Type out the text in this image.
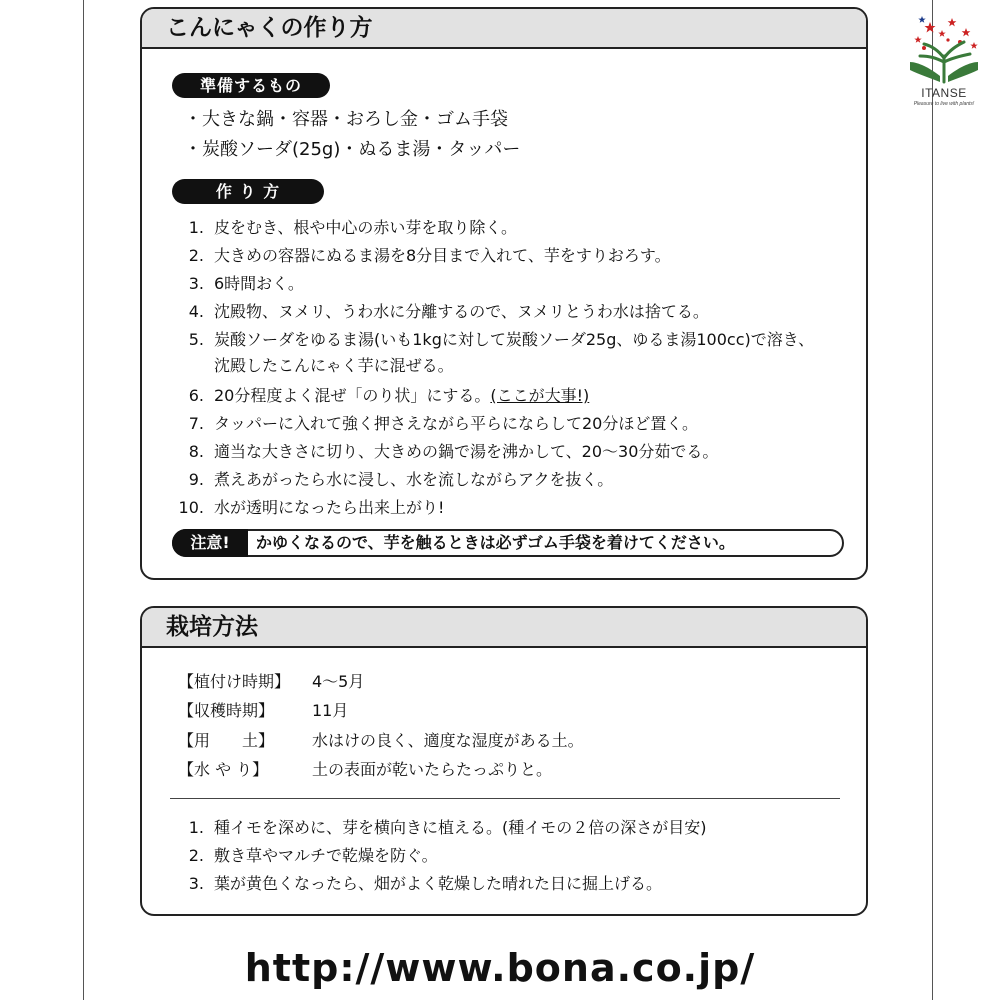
ITANSE
Pleasure to live with plants!
こんにゃくの作り方
準備するもの
・大きな鍋・容器・おろし金・ゴム手袋
・炭酸ソーダ(25g)・ぬるま湯・タッパー
作 り 方
1. 皮をむき、根や中心の赤い芽を取り除く。
2. 大きめの容器にぬるま湯を8分目まで入れて、芋をすりおろす。
3. 6時間おく。
4. 沈殿物、ヌメリ、うわ水に分離するので、ヌメリとうわ水は捨てる。
5. 炭酸ソーダをゆるま湯(いも1kgに対して炭酸ソーダ25g、ゆるま湯100cc)で溶き、
沈殿したこんにゃく芋に混ぜる。
6. 20分程度よく混ぜ「のり状」にする。(ここが大事!)
7. タッパーに入れて強く押さえながら平らにならして20分ほど置く。
8. 適当な大きさに切り、大きめの鍋で湯を沸かして、20〜30分茹でる。
9. 煮えあがったら水に浸し、水を流しながらアクを抜く。
10. 水が透明になったら出来上がり!
注意!	かゆくなるので、芋を触るときは必ずゴム手袋を着けてください。
栽培方法
【植付け時期】 4〜5月
【収穫時期】 11月
【用　　土】 水はけの良く、適度な湿度がある土。
【水 や り】	土の表面が乾いたらたっぷりと。
1. 種イモを深めに、芽を横向きに植える。(種イモの２倍の深さが目安)
2. 敷き草やマルチで乾燥を防ぐ。
3. 葉が黄色くなったら、畑がよく乾燥した晴れた日に掘上げる。
http://www.bona.co.jp/
